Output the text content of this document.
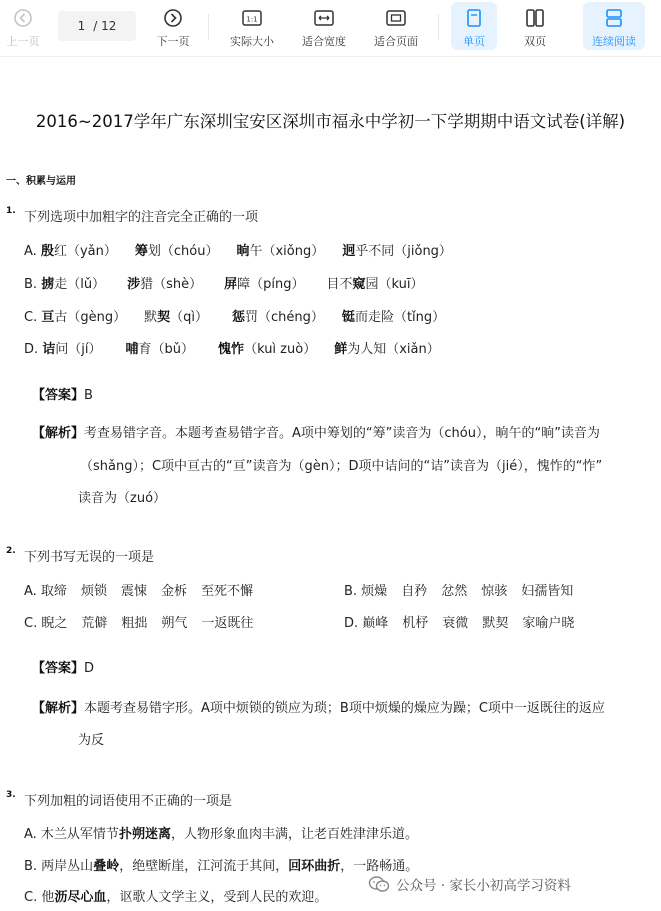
上一页
1 / 12
下一页
1:1
实际大小	适合宽度	适合页面	单页	双页	连续阅读
2016~2017学年广东深圳宝安区深圳市福永中学初一下学期期中语文试卷(详解)
一、积累与运用
1. 下列选项中加粗字的注音完全正确的一项
A. 殷红（yǎn） 筹划（chóu） 晌午（xiǒng） 迥乎不同（jiǒng）
B. 掳走（lǔ） 涉猎（shè） 屏障（píng） 目不窥园（kuī）
C. 亘古（gèng） 默契（qì） 惩罚（chéng） 铤而走险（tǐng）
D. 诘问（jí） 哺育（bǔ） 愧怍（kuì zuò） 鲜为人知（xiǎn）
【答案】B
【解析】考查易错字音。本题考查易错字音。A项中筹划的“筹”读音为（chóu），晌午的“晌”读音为
（shǎng）；C项中亘古的“亘”读音为（gèn）；D项中诘问的“诘”读音为（jié），愧怍的“怍”
读音为（zuó）
2. 下列书写无误的一项是
A. 取缔 烦锁 震悚 金柝 至死不懈	B. 烦燥 自矜 忿然 惊骇 妇孺皆知
C. 睨之 荒僻 粗拙 朔气 一返既往	D. 巅峰 机杼 衰微 默契 家喻户晓
【答案】D
【解析】本题考查易错字形。A项中烦锁的锁应为琐；B项中烦燥的燥应为躁；C项中一返既往的返应
为反
3. 下列加粗的词语使用不正确的一项是
A. 木兰从军情节扑朔迷离，人物形象血肉丰满，让老百姓津津乐道。
B. 两岸丛山叠岭，绝壁断崖，江河流于其间，回环曲折，一路畅通。
C. 他沥尽心血，讴歌人文学主义，受到人民的欢迎。
公众号 · 家长小初高学习资料
